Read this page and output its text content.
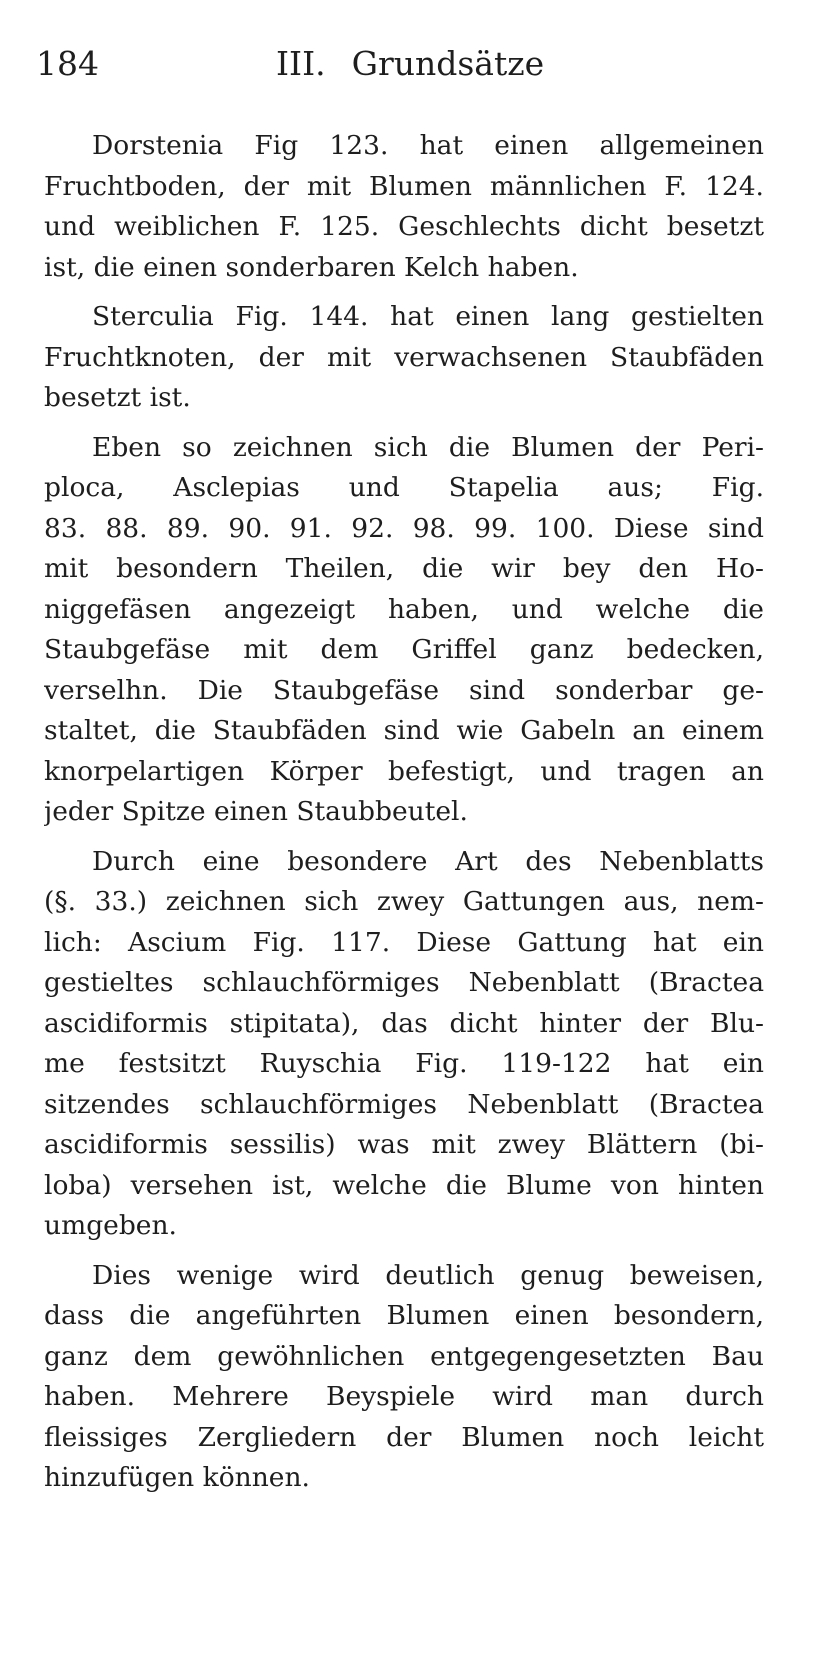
184	III. Grundsätze
Dorstenia Fig 123. hat einen allgemeinen
Fruchtboden, der mit Blumen männlichen F. 124.
und weiblichen F. 125. Geschlechts dicht besetzt
ist, die einen sonderbaren Kelch haben.
Sterculia Fig. 144. hat einen lang gestielten
Fruchtknoten, der mit verwachsenen Staubfäden
besetzt ist.
Eben so zeichnen sich die Blumen der Peri-
ploca, Asclepias und Stapelia aus; Fig.
83. 88. 89. 90. 91. 92. 98. 99. 100. Diese sind
mit besondern Theilen, die wir bey den Ho-
niggefäsen angezeigt haben, und welche die
Staubgefäse mit dem Griffel ganz bedecken,
verselhn. Die Staubgefäse sind sonderbar ge-
staltet, die Staubfäden sind wie Gabeln an einem
knorpelartigen Körper befestigt, und tragen an
jeder Spitze einen Staubbeutel.
Durch eine besondere Art des Nebenblatts
(§. 33.) zeichnen sich zwey Gattungen aus, nem-
lich: Ascium Fig. 117. Diese Gattung hat ein
gestieltes schlauchförmiges Nebenblatt (Bractea
ascidiformis stipitata), das dicht hinter der Blu-
me festsitzt Ruyschia Fig. 119-122 hat ein
sitzendes schlauchförmiges Nebenblatt (Bractea
ascidiformis sessilis) was mit zwey Blättern (bi-
loba) versehen ist, welche die Blume von hinten
umgeben.
Dies wenige wird deutlich genug beweisen,
dass die angeführten Blumen einen besondern,
ganz dem gewöhnlichen entgegengesetzten Bau
haben. Mehrere Beyspiele wird man durch
fleissiges Zergliedern der Blumen noch leicht
hinzufügen können.
